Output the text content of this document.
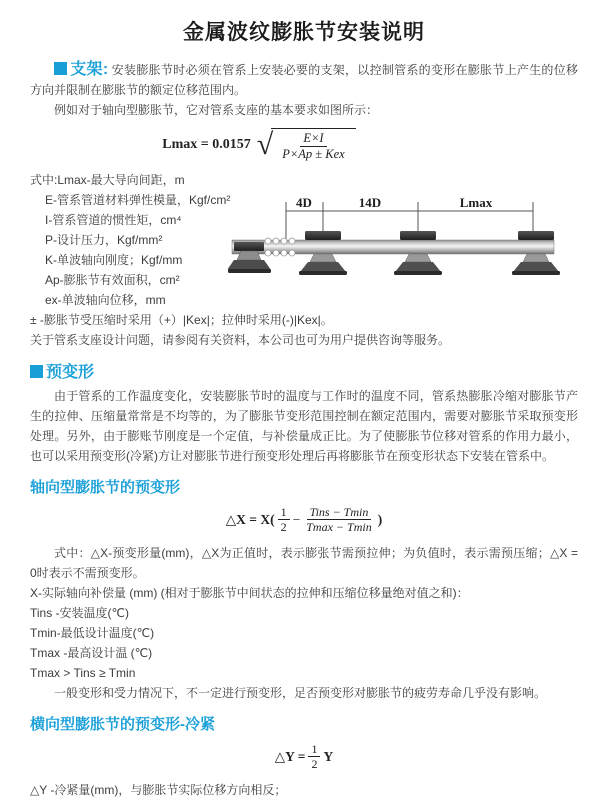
金属波纹膨胀节安装说明

支架: 安装膨胀节时必须在管系上安装必要的支架，以控制管系的变形在膨胀节上产生的位移方向并限制在膨胀节的额定位移范围内。

例如对于轴向型膨胀节，它对管系支座的基本要求如图所示：

Lmax = 0.0157 √ $\frac{E\times I}{\text{P×Ap ± Kex}}$
式中:Lmax-最大导向间距，m
E-管系管道材料弹性模量，Kgf/cm²
I-管系管道的惯性矩，cm⁴
P-设计压力，Kgf/mm²
K-单波轴向刚度；Kgf/mm
Ap-膨胀节有效面积，cm²
ex-单波轴向位移，mm
4D	14D	Lmax

± -膨胀节受压缩时采用（+）|Kex|；拉伸时采用(-)|Kex|。

关于管系支座设计问题，请参阅有关资料，本公司也可为用户提供咨询等服务。

预变形

由于管系的工作温度变化，安装膨胀节时的温度与工作时的温度不同，管系热膨胀冷缩对膨胀节产生的拉伸、压缩量常常是不均等的，为了膨胀节变形范围控制在额定范围内，需要对膨胀节采取预变形处理。另外，由于膨账节刚度是一个定值，与补偿量成正比。为了使膨胀节位移对管系的作用力最小，也可以采用预变形(冷紧)方让对膨胀节进行预变形处理后再将膨胀节在预变形状态下安装在管系中。

轴向型膨胀节的预变形
△X = $X( \frac{1}{2} - \frac{\text{Tins − Tmin}}{Tmax - Tmin}$ )

式中：△X-预变形量(mm)，△X为正值时，表示膨张节需预拉伸；为负值时，表示需预压缩；△X = 0时表示不需预变形。

X-实际轴向补偿量 (mm) (相对于膨胀节中间状态的拉伸和压缩位移量绝对值之和)：

Tins -安装温度(℃)

Tmin-最低设计温度(℃)

Tmax -最高设计温 (℃)

Tmax > Tins ≥ Tmin

一般变形和受力情况下，不一定进行预变形，足否预变形对膨胀节的疲劳寿命几乎没有影响。

横向型膨胀节的预变形-冷紧
△Y = $\frac{1}{2}$ Y

△Y -冷紧量(mm)，与膨胀节实际位移方向相反；
